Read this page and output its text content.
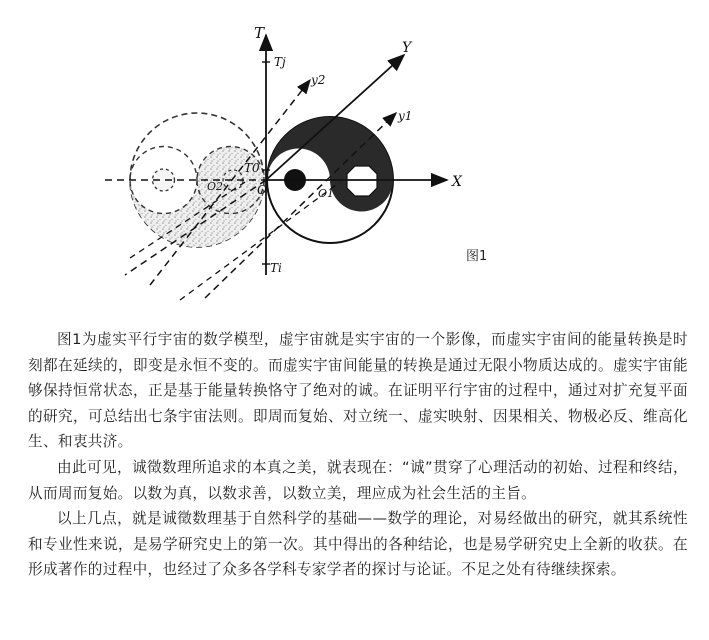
T
Tj
Ti
T0
X
Y
y1
y2
O	O1
O2
图1

图1为虚实平行宇宙的数学模型，虚宇宙就是实宇宙的一个影像，而虚实宇宙间的能量转换是时刻都在延续的，即变是永恒不变的。而虚实宇宙间能量的转换是通过无限小物质达成的。虚实宇宙能够保持恒常状态，正是基于能量转换恪守了绝对的诚。在证明平行宇宙的过程中，通过对扩充复平面的研究，可总结出七条宇宙法则。即周而复始、对立统一、虚实映射、因果相关、物极必反、维高化生、和衷共济。

由此可见，诚徵数理所追求的本真之美，就表现在：“诚”贯穿了心理活动的初始、过程和终结，从而周而复始。以数为真，以数求善，以数立美，理应成为社会生活的主旨。

以上几点，就是诚徵数理基于自然科学的基础——数学的理论，对易经做出的研究，就其系统性和专业性来说，是易学研究史上的第一次。其中得出的各种结论，也是易学研究史上全新的收获。在形成著作的过程中，也经过了众多各学科专家学者的探讨与论证。不足之处有待继续探索。
